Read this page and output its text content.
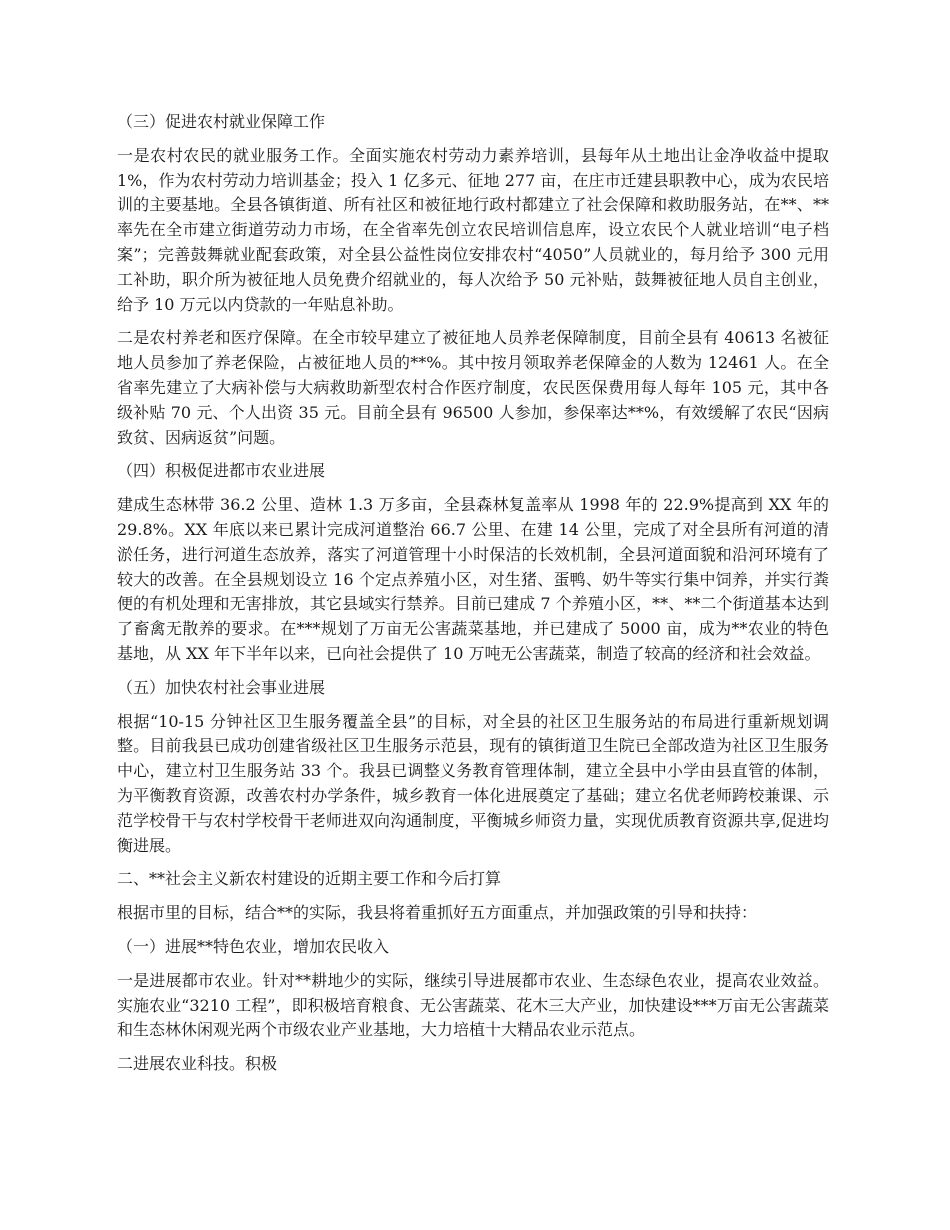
（三）促进农村就业保障工作

一是农村农民的就业服务工作。全面实施农村劳动力素养培训，县每年从土地出让金净收益中提取 1%，作为农村劳动力培训基金；投入 1 亿多元、征地 277 亩，在庄市迁建县职教中心，成为农民培训的主要基地。全县各镇街道、所有社区和被征地行政村都建立了社会保障和救助服务站，在**、**率先在全市建立街道劳动力市场，在全省率先创立农民培训信息库，设立农民个人就业培训“电子档案”；完善鼓舞就业配套政策，对全县公益性岗位安排农村“4050”人员就业的，每月给予 300 元用工补助，职介所为被征地人员免费介绍就业的，每人次给予 50 元补贴，鼓舞被征地人员自主创业，给予 10 万元以内贷款的一年贴息补助。

二是农村养老和医疗保障。在全市较早建立了被征地人员养老保障制度，目前全县有 40613 名被征地人员参加了养老保险，占被征地人员的**%。其中按月领取养老保障金的人数为 12461 人。在全省率先建立了大病补偿与大病救助新型农村合作医疗制度，农民医保费用每人每年 105 元，其中各级补贴 70 元、个人出资 35 元。目前全县有 96500 人参加，参保率达**%，有效缓解了农民“因病致贫、因病返贫”问题。

（四）积极促进都市农业进展

建成生态林带 36.2 公里、造林 1.3 万多亩，全县森林复盖率从 1998 年的 22.9%提高到 XX 年的 29.8%。XX 年底以来已累计完成河道整治 66.7 公里、在建 14 公里，完成了对全县所有河道的清淤任务，进行河道生态放养，落实了河道管理十小时保洁的长效机制，全县河道面貌和沿河环境有了较大的改善。在全县规划设立 16 个定点养殖小区，对生猪、蛋鸭、奶牛等实行集中饲养，并实行粪便的有机处理和无害排放，其它县域实行禁养。目前已建成 7 个养殖小区，**、**二个街道基本达到了畜禽无散养的要求。在***规划了万亩无公害蔬菜基地，并已建成了 5000 亩，成为**农业的特色基地，从 XX 年下半年以来，已向社会提供了 10 万吨无公害蔬菜，制造了较高的经济和社会效益。

（五）加快农村社会事业进展

根据“10-15 分钟社区卫生服务覆盖全县”的目标，对全县的社区卫生服务站的布局进行重新规划调整。目前我县已成功创建省级社区卫生服务示范县，现有的镇街道卫生院已全部改造为社区卫生服务中心，建立村卫生服务站 33 个。我县已调整义务教育管理体制，建立全县中小学由县直管的体制，为平衡教育资源，改善农村办学条件，城乡教育一体化进展奠定了基础；建立名优老师跨校兼课、示范学校骨干与农村学校骨干老师进双向沟通制度，平衡城乡师资力量，实现优质教育资源共享,促进均衡进展。

二、**社会主义新农村建设的近期主要工作和今后打算

根据市里的目标，结合**的实际，我县将着重抓好五方面重点，并加强政策的引导和扶持：

（一）进展**特色农业，增加农民收入

一是进展都市农业。针对**耕地少的实际，继续引导进展都市农业、生态绿色农业，提高农业效益。实施农业“3210 工程”，即积极培育粮食、无公害蔬菜、花木三大产业，加快建设***万亩无公害蔬菜和生态林休闲观光两个市级农业产业基地，大力培植十大精品农业示范点。

二进展农业科技。积极
